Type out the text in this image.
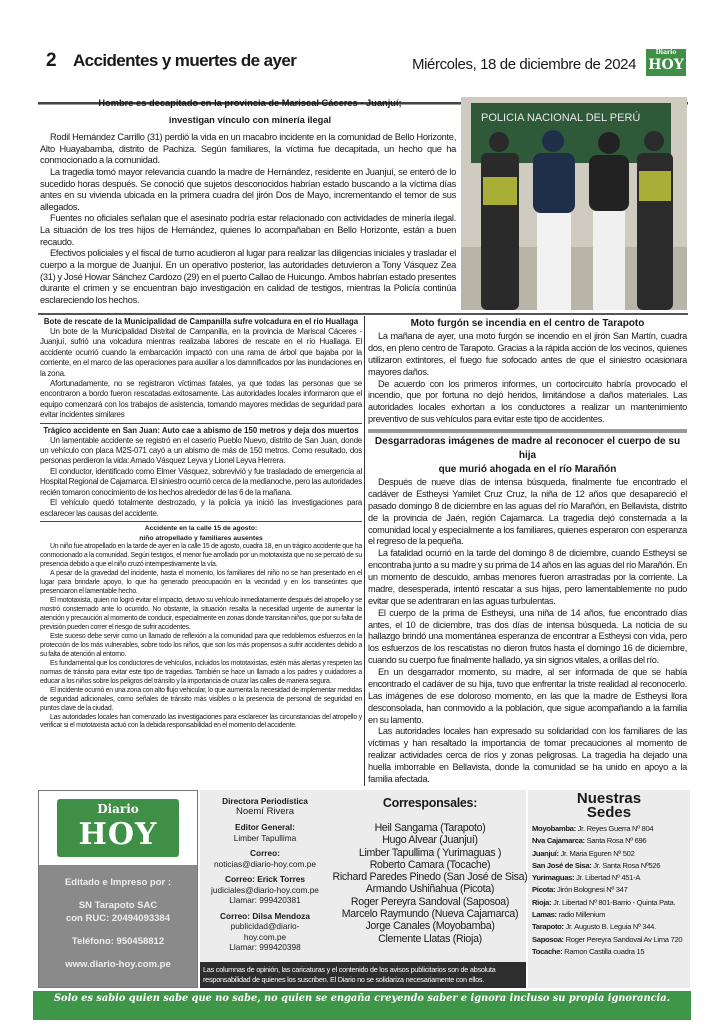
2 Accidentes y muertes de ayer	Miércoles, 18 de diciembre de 2024
Diario
HOY
Hombre es decapitado en la provincia de Mariscal Cáceres - Juanjuí;
investigan vínculo con minería ilegal

Rodil Hernández Carrillo (31) perdió la vida en un macabro incidente en la comunidad de Bello Horizonte, Alto Huayabamba, distrito de Pachiza. Según familiares, la víctima fue decapitada, un hecho que ha conmocionado a la comunidad.

La tragedia tomó mayor relevancia cuando la madre de Hernández, residente en Juanjuí, se enteró de lo sucedido horas después. Se conoció que sujetos desconocidos habrían estado buscando a la víctima días antes en su vivienda ubicada en la primera cuadra del jirón Dos de Mayo, incrementando el temor de sus allegados.

Fuentes no oficiales señalan que el asesinato podría estar relacionado con actividades de minería ilegal. La situación de los tres hijos de Hernández, quienes lo acompañaban en Bello Horizonte, están a buen recaudo.

Efectivos policiales y el fiscal de turno acudieron al lugar para realizar las diligencias iniciales y trasladar el cuerpo a la morgue de Juanjuí. En un operativo posterior, las autoridades detuvieron a Tony Vásquez Zea (31) y José Howar Sánchez Cardozo (29) en el puerto Callao de Huicungo. Ambos habrían estado presentes durante el crimen y se encuentran bajo investigación en calidad de testigos, mientras la Policía continúa esclareciendo los hechos.

POLICIA NACIONAL DEL PERÚ
Bote de rescate de la Municipalidad de Campanilla sufre volcadura en el río Huallaga

Un bote de la Municipalidad Distrital de Campanilla, en la provincia de Mariscal Cáceres - Juanjuí, sufrió una volcadura mientras realizaba labores de rescate en el río Huallaga. El accidente ocurrió cuando la embarcación impactó con una rama de árbol que bajaba por la corriente, en el marco de las operaciones para auxiliar a los damnificados por las inundaciones en la zona.

Afortunadamente, no se registraron víctimas fatales, ya que todas las personas que se encontraron a bordo fueron rescatadas exitosamente. Las autoridades locales informaron que el equipo comenzará con los trabajos de asistencia, tomando mayores medidas de seguridad para evitar incidentes similares

Trágico accidente en San Juan: Auto cae a abismo de 150 metros y deja dos muertos

Un lamentable accidente se registró en el caserío Pueblo Nuevo, distrito de San Juan, donde un vehículo con placa M2S-071 cayó a un abismo de más de 150 metros. Como resultado, dos personas perdieron la vida: Amado Vásquez Leyva y Lionel Leyva Herrera.

El conductor, identificado como Elmer Vásquez, sobrevivió y fue trasladado de emergencia al Hospital Regional de Cajamarca. El siniestro ocurrió cerca de la medianoche, pero las autoridades recién tomaron conocimiento de los hechos alrededor de las 6 de la mañana.

El vehículo quedó totalmente destrozado, y la policía ya inició las investigaciones para esclarecer las causas del accidente.

Accidente en la calle 15 de agosto:
niño atropellado y familiares ausentes

Un niño fue atropellado en la tarde de ayer en la calle 15 de agosto, cuadra 18, en un trágico accidente que ha conmocionado a la comunidad. Según testigos, el menor fue arrollado por un mototaxista que no se percató de su presencia debido a que el niño cruzó intempestivamente la vía.

A pesar de la gravedad del incidente, hasta el momento, los familiares del niño no se han presentado en el lugar para brindarle apoyo, lo que ha generado preocupación en la vecindad y en los transeúntes que presenciaron el lamentable hecho.

El mototaxista, quien no logró evitar el impacto, detuvo su vehículo inmediatamente después del atropello y se mostró consternado ante lo ocurrido. No obstante, la situación resalta la necesidad urgente de aumentar la atención y precaución al momento de conducir, especialmente en zonas donde transitan niños, que por su falta de previsión pueden correr el riesgo de sufrir accidentes.

Este suceso debe servir como un llamado de reflexión a la comunidad para que redoblemos esfuerzos en la protección de los más vulnerables, sobre todo los niños, que son los más propensos a sufrir accidentes debido a su falta de atención al entorno.

Es fundamental que los conductores de vehículos, incluidos los mototaxistas, estén más alertas y respeten las normas de tránsito para evitar este tipo de tragedias. También se hace un llamado a los padres y cuidadores a educar a los niños sobre los peligros del tránsito y la importancia de cruzar las calles de manera segura.

El incidente ocurrió en una zona con alto flujo vehicular, lo que aumenta la necesidad de implementar medidas de seguridad adicionales, como señales de tránsito más visibles o la presencia de personal de seguridad en puntos clave de la ciudad.

Las autoridades locales han comenzado las investigaciones para esclarecer las circunstancias del atropello y verificar si el mototaxista actuó con la debida responsabilidad en el momento del accidente.

Moto furgón se incendia en el centro de Tarapoto

La mañana de ayer, una moto furgón se incendio en el jirón San Martín, cuadra dos, en pleno centro de Tarapoto. Gracias a la rápida acción de los vecinos, quienes utilizaron extintores, el fuego fue sofocado antes de que el siniestro ocasionara mayores daños.

De acuerdo con los primeros informes, un cortocircuito habría provocado el incendio, que por fortuna no dejó heridos, limitándose a daños materiales. Las autoridades locales exhortan a los conductores a realizar un mantenimiento preventivo de sus vehículos para evitar este tipo de accidentes.

Desgarradoras imágenes de madre al reconocer el cuerpo de su hija
que murió ahogada en el río Marañón

Después de nueve días de intensa búsqueda, finalmente fue encontrado el cadáver de Estheysi Yamilet Cruz Cruz, la niña de 12 años que desapareció el pasado domingo 8 de diciembre en las aguas del río Marañón, en Bellavista, distrito de la provincia de Jaén, región Cajamarca. La tragedia dejó consternada a la comunidad local y especialmente a los familiares, quienes esperaron con esperanza el regreso de la pequeña.

La fatalidad ocurrió en la tarde del domingo 8 de diciembre, cuando Estheysi se encontraba junto a su madre y su prima de 14 años en las aguas del río Marañón. En un momento de descuido, ambas menores fueron arrastradas por la corriente. La madre, desesperada, intentó rescatar a sus hijas, pero lamentablemente no pudo evitar que se adentraran en las aguas turbulentas.

El cuerpo de la prima de Estheysi, una niña de 14 años, fue encontrado días antes, el 10 de diciembre, tras dos días de intensa búsqueda. La noticia de su hallazgo brindó una momentánea esperanza de encontrar a Estheysi con vida, pero los esfuerzos de los rescatistas no dieron frutos hasta el domingo 16 de diciembre, cuando su cuerpo fue finalmente hallado, ya sin signos vitales, a orillas del río.

En un desgarrador momento, su madre, al ser informada de que se había encontrado el cadáver de su hija, tuvo que enfrentar la triste realidad al reconocerlo. Las imágenes de ese doloroso momento, en las que la madre de Estheysi llora desconsolada, han conmovido a la población, que sigue acompañando a la familia en su lamento.

Las autoridades locales han expresado su solidaridad con los familiares de las víctimas y han resaltado la importancia de tomar precauciones al momento de realizar actividades cerca de ríos y zonas peligrosas. La tragedia ha dejado una huella imborrable en Bellavista, donde la comunidad se ha unido en apoyo a la familia afectada.

Diario
HOY
Editado e Impreso por :
SN Tarapoto SAC
con RUC: 20494093384
Teléfono: 950458812
www.diario-hoy.com.pe
Directora Periodística
Noemí Rivera
Editor General:
Limber Tapullima
Correo:
noticias@diario-hoy.com.pe
Correo: Erick Torres
judiciales@diario-hoy.com.pe
Llamar: 999420381
Correo: Dilsa Mendoza
publicidad@diario-hoy.com.pe
Llamar: 999420398
Corresponsales:
Heil Sangama (Tarapoto)
Hugo Alvear (Juanjuí)
Limber Tapullima ( Yurimaguas )
Roberto Camara (Tocache)
Richard Paredes Pinedo (San José de Sisa)
Armando Ushiñahua (Picota)
Roger Pereyra Sandoval (Saposoa)
Marcelo Raymundo (Nueva Cajamarca)
Jorge Canales (Moyobamba)
Clemente Llatas (Rioja)
Las columnas de opinión, las caricaturas y el contenido de los avisos publicitarios son de absoluta responsabilidad de quienes los suscriben. El Diario no se solidariza necesariamente con ellos.
Nuestras
Sedes
Moyobamba: Jr. Reyes Guerra Nº 804
Nva Cajamarca: Santa Rosa Nº 696
Juanjuí: Jr. Maria Eguren Nº 502
San José de Sisa: Jr. Santa Rosa Nº526
Yurimaguas: Jr. Libertad Nº 451-A
Picota: Jirón Bolognesi Nº 347
Rioja: Jr. Libertad Nº 801-Barrio - Quinta Pata.
Lamas: radio Millenium
Tarapoto: Jr. Augusto B. Leguia Nº 344.
Saposoa: Roger Pereyra Sandoval Av Lima 720
Tocache: Ramon Castilla cuadra 15
Solo es sabio quien sabe que no sabe, no quien se engaña creyendo saber e ignora incluso su propia ignorancia.
